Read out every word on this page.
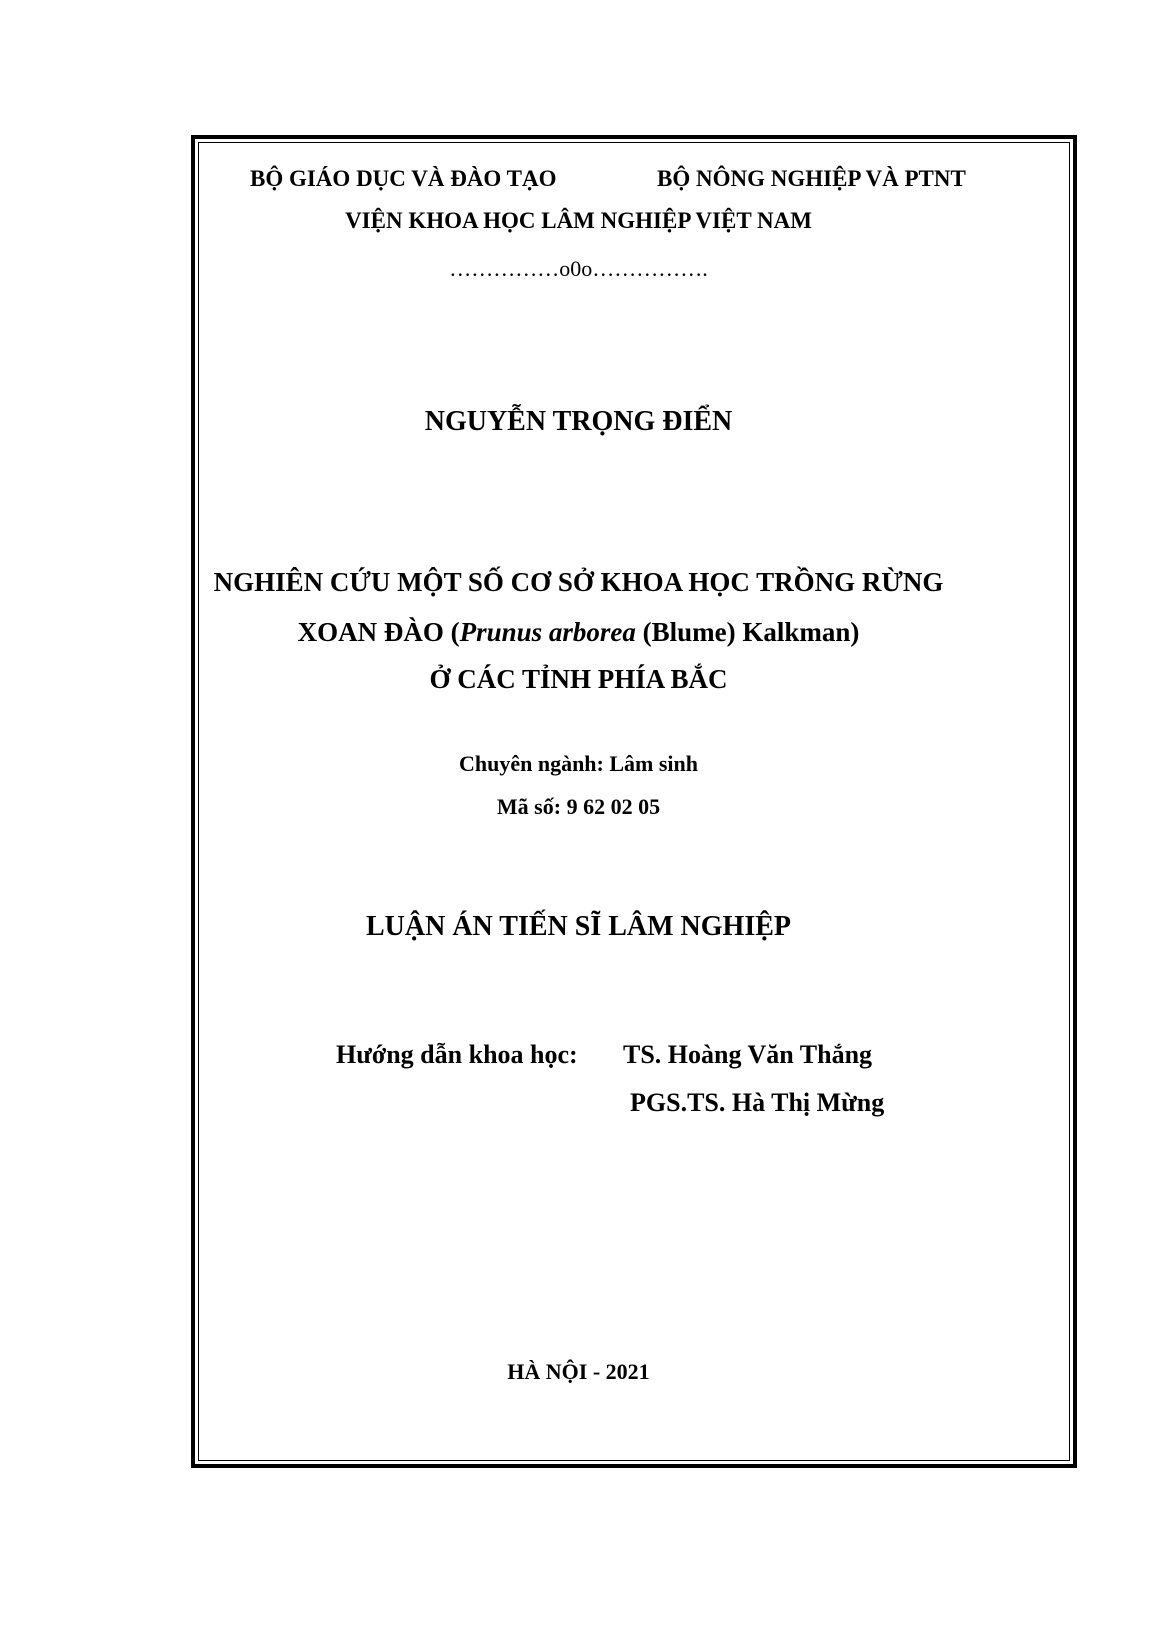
BỘ GIÁO DỤC VÀ ĐÀO TẠO	BỘ NÔNG NGHIỆP VÀ PTNT
VIỆN KHOA HỌC LÂM NGHIỆP VIỆT NAM
……………o0o…………….
NGUYỄN TRỌNG ĐIỂN
NGHIÊN CỨU MỘT SỐ CƠ SỞ KHOA HỌC TRỒNG RỪNG
XOAN ĐÀO (Prunus arborea (Blume) Kalkman)
Ở CÁC TỈNH PHÍA BẮC
Chuyên ngành: Lâm sinh
Mã số: 9 62 02 05
LUẬN ÁN TIẾN SĨ LÂM NGHIỆP
Hướng dẫn khoa học: TS. Hoàng Văn Thắng
PGS.TS. Hà Thị Mừng
HÀ NỘI - 2021
